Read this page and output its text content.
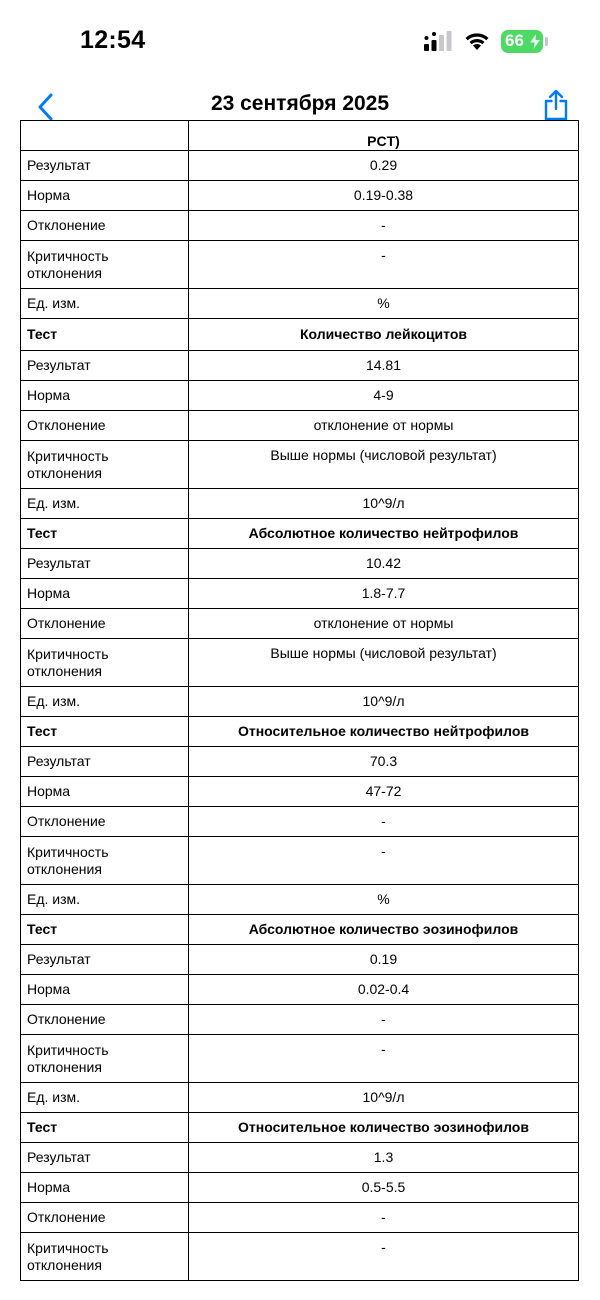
12:54	66
23 сентября 2025
	PCT)
Результат	0.29
Норма	0.19-0.38
Отклонение	-
Критичность отклонения	-
Ед. изм.	%
Тест	Количество лейкоцитов
Результат	14.81
Норма	4-9
Отклонение	отклонение от нормы
Критичность отклонения	Выше нормы (числовой результат)
Ед. изм.	10^9/л
Тест	Абсолютное количество нейтрофилов
Результат	10.42
Норма	1.8-7.7
Отклонение	отклонение от нормы
Критичность отклонения	Выше нормы (числовой результат)
Ед. изм.	10^9/л
Тест	Относительное количество нейтрофилов
Результат	70.3
Норма	47-72
Отклонение	-
Критичность отклонения	-
Ед. изм.	%
Тест	Абсолютное количество эозинофилов
Результат	0.19
Норма	0.02-0.4
Отклонение	-
Критичность отклонения	-
Ед. изм.	10^9/л
Тест	Относительное количество эозинофилов
Результат	1.3
Норма	0.5-5.5
Отклонение	-
Критичность отклонения	-
